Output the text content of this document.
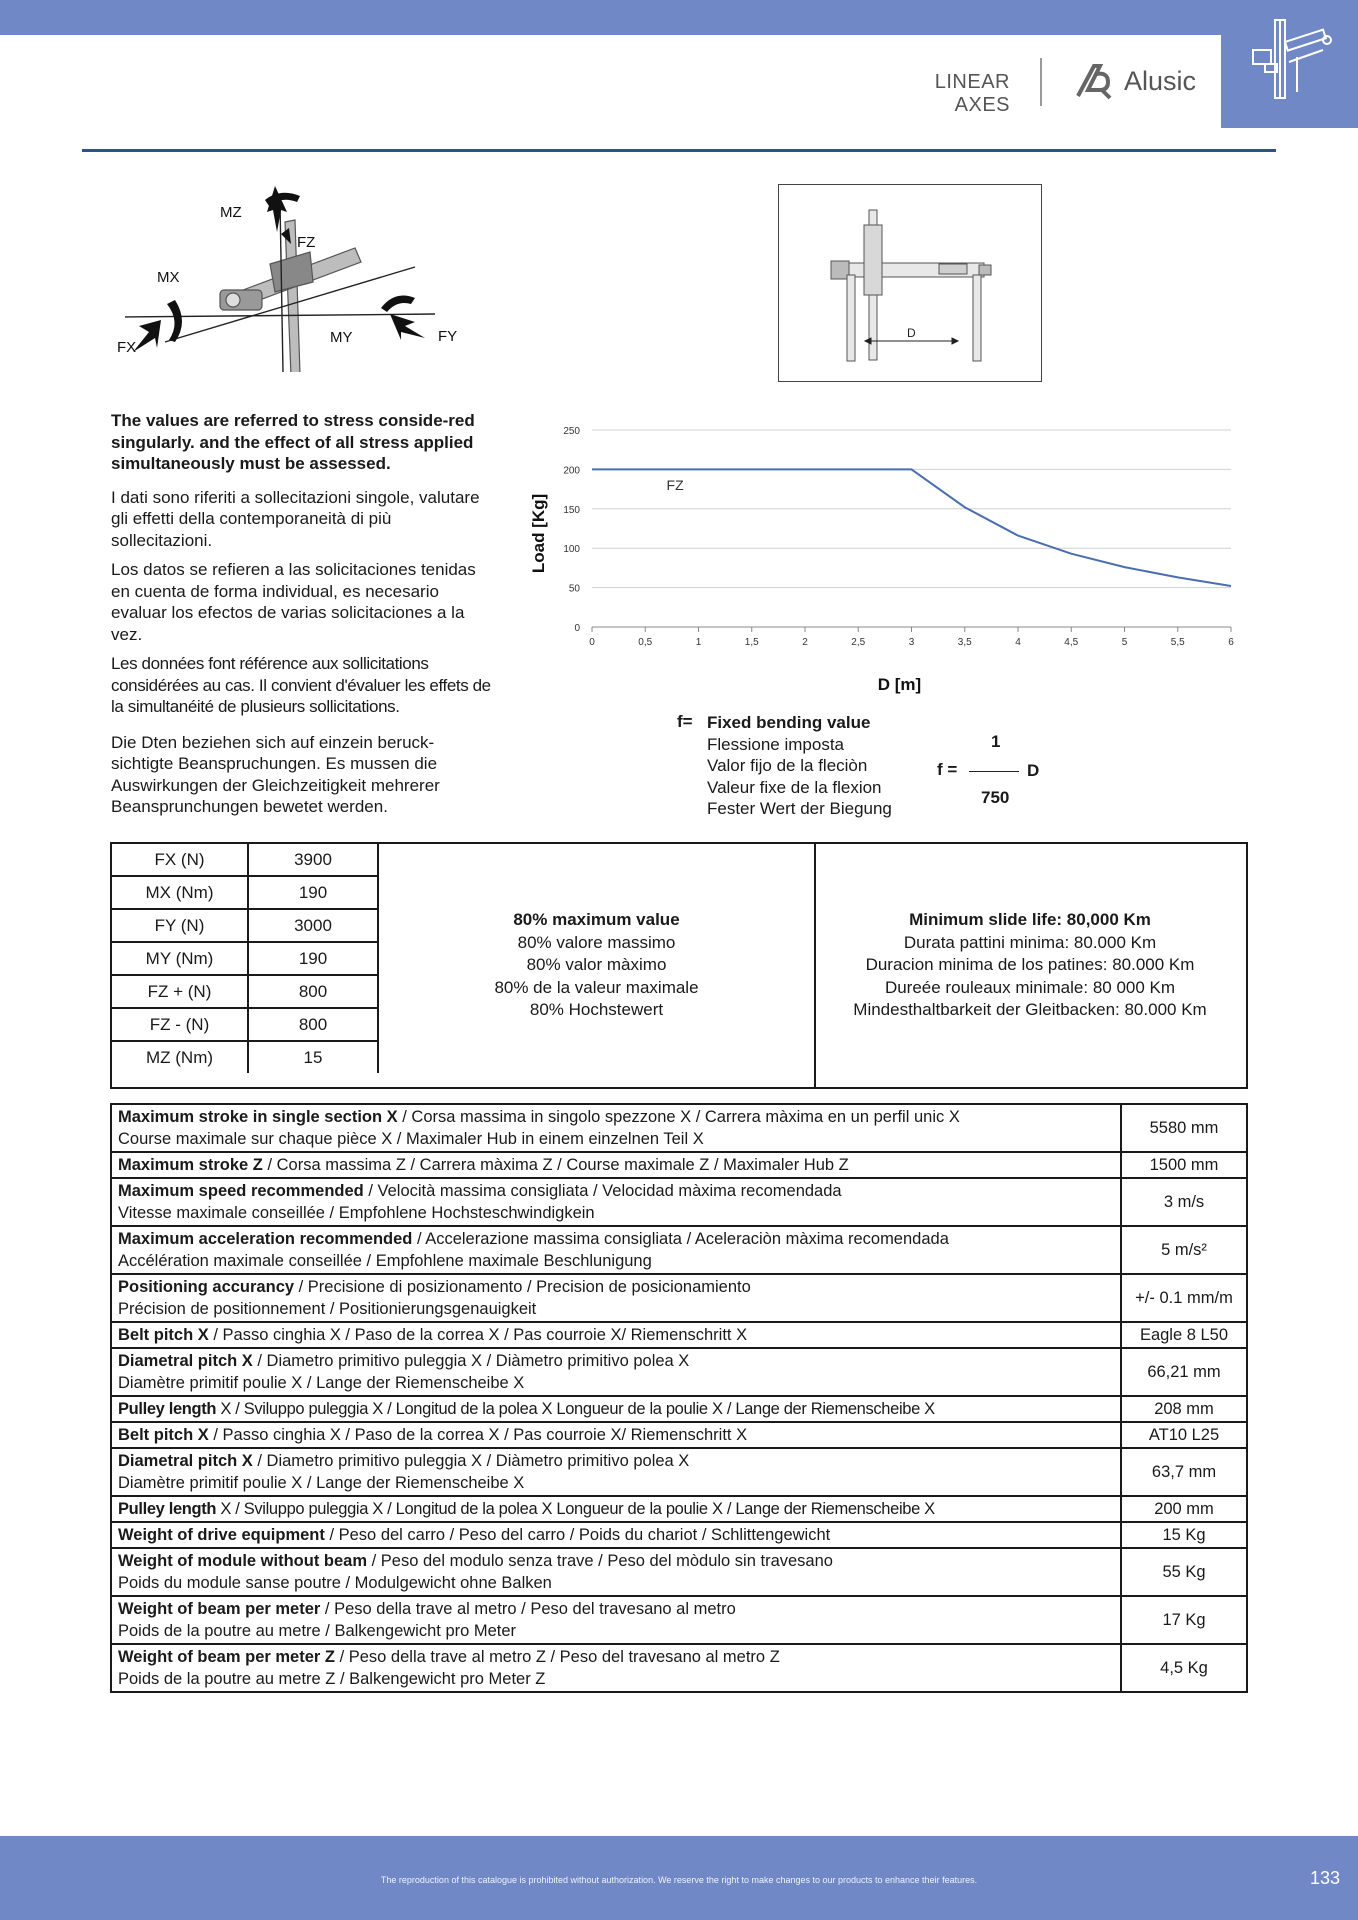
LINEAR AXES
Alusic
MZ
FZ
MX
FX
MY	FY	D

The values are referred to stress conside-red singularly. and the effect of all stress applied simultaneously must be assessed.

I dati sono riferiti a sollecitazioni singole, valutare gli effetti della contemporaneità di più sollecitazioni.

Los datos se refieren a las solicitaciones tenidas en cuenta de forma individual, es necesario evaluar los efectos de varias solicitaciones a la vez.

Les données font référence aux sollicitations considérées au cas. Il convient d'évaluer les effets de la simultanéité de plusieurs sollicitations.

Die Dten beziehen sich auf einzein beruck-sichtigte Beanspruchungen. Es mussen die Auswirkungen der Gleichzeitigkeit mehrerer Beansprunchungen bewetet werden.

0
50
100
150
200
250
0	0,5	1	1,5	2	2,5	3	3,5	4	4,5	5	5,5	6
FZ
D [m]
Load [Kg]
f= Fixed bending value
Flessione imposta
Valor fijo de la fleciòn
Valeur fixe de la flexion
Fester Wert der Biegung
f =
1
D
750
FX (N)	3900
MX (Nm)	190
FY (N)	3000
MY (Nm)	190
FZ + (N)	800
FZ - (N)	800
MZ (Nm)	15
80% maximum value
80% valore massimo
80% valor màximo
80% de la valeur maximale
80% Hochstewert
Minimum slide life: 80,000 Km
Durata pattini minima: 80.000 Km
Duracion minima de los patines: 80.000 Km
Dureée rouleaux minimale: 80 000 Km
Mindesthaltbarkeit der Gleitbacken: 80.000 Km
Maximum stroke in single section X / Corsa massima in singolo spezzone X / Carrera màxima en un perfil unic X
Course maximale sur chaque pièce X / Maximaler Hub in einem einzelnen Teil X	5580 mm
Maximum stroke Z / Corsa massima Z / Carrera màxima Z / Course maximale Z / Maximaler Hub Z	1500 mm
Maximum speed recommended / Velocità massima consigliata / Velocidad màxima recomendada
Vitesse maximale conseillée / Empfohlene Hochsteschwindigkein	3 m/s
Maximum acceleration recommended / Accelerazione massima consigliata / Aceleraciòn màxima recomendada
Accélération maximale conseillée / Empfohlene maximale Beschlunigung	5 m/s²
Positioning accurancy / Precisione di posizionamento / Precision de posicionamiento
Précision de positionnement / Positionierungsgenauigkeit	+/- 0.1 mm/m
Belt pitch X / Passo cinghia X / Paso de la correa X / Pas courroie X/ Riemenschritt X	Eagle 8 L50
Diametral pitch X / Diametro primitivo puleggia X / Diàmetro primitivo polea X
Diamètre primitif poulie X / Lange der Riemenscheibe X	66,21 mm
Pulley length X / Sviluppo puleggia X / Longitud de la polea X Longueur de la poulie X / Lange der Riemenscheibe X	208 mm
Belt pitch X / Passo cinghia X / Paso de la correa X / Pas courroie X/ Riemenschritt X	AT10 L25
Diametral pitch X / Diametro primitivo puleggia X / Diàmetro primitivo polea X
Diamètre primitif poulie X / Lange der Riemenscheibe X	63,7 mm
Pulley length X / Sviluppo puleggia X / Longitud de la polea X Longueur de la poulie X / Lange der Riemenscheibe X	200 mm
Weight of drive equipment / Peso del carro / Peso del carro / Poids du chariot / Schlittengewicht	15 Kg
Weight of module without beam / Peso del modulo senza trave / Peso del mòdulo sin travesano
Poids du module sanse poutre / Modulgewicht ohne Balken	55 Kg
Weight of beam per meter / Peso della trave al metro / Peso del travesano al metro
Poids de la poutre au metre / Balkengewicht pro Meter	17 Kg
Weight of beam per meter Z / Peso della trave al metro Z / Peso del travesano al metro Z
Poids de la poutre au metre Z / Balkengewicht pro Meter Z	4,5 Kg
The reproduction of this catalogue is prohibited without authorization. We reserve the right to make changes to our products to enhance their features.	133
